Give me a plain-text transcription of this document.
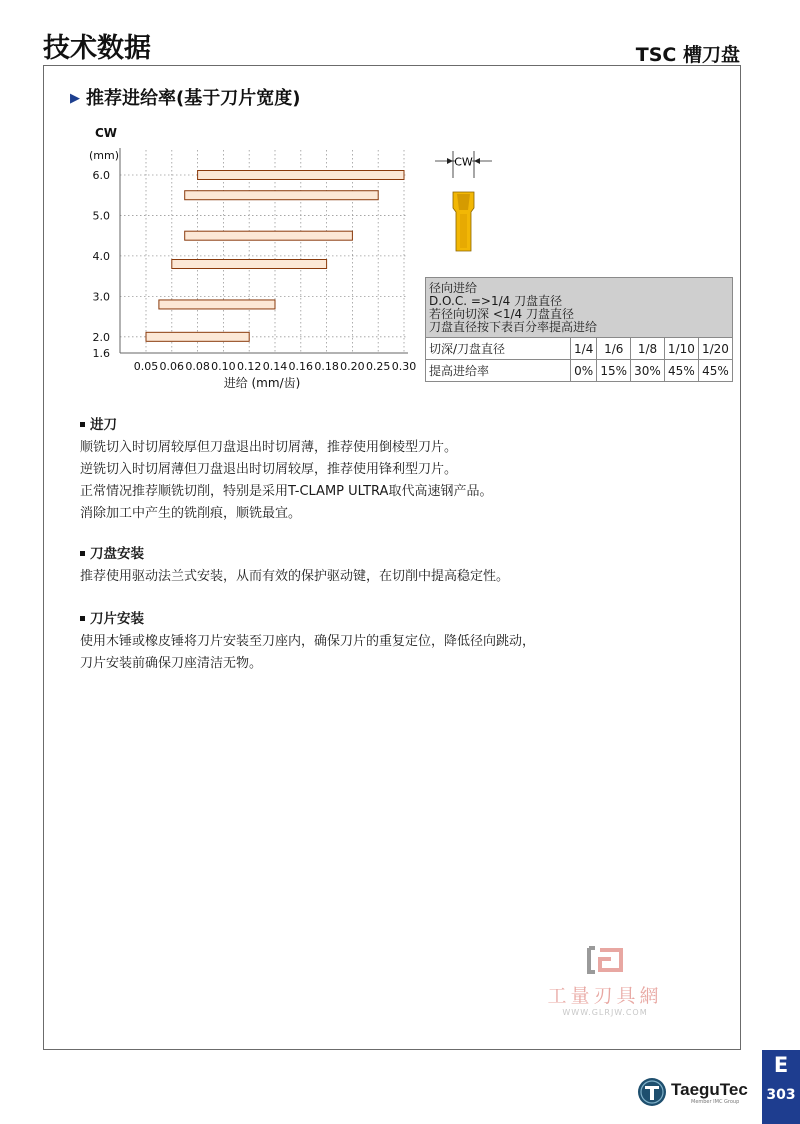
技术数据	TSC 槽刀盘
▶ 推荐进给率(基于刀片宽度)
CW
(mm)
1.6
2.0
3.0
4.0
5.0
6.0
0.05 0.06 0.08 0.10 0.12 0.14 0.16 0.18 0.20 0.25 0.30
进给 (mm/齿)
CW
径向进给
D.O.C. =>1/4 刀盘直径
若径向切深 <1/4 刀盘直径
刀盘直径按下表百分率提高进给					

切深/刀盘直径	1/4	1/6	1/8	1/10	1/20
提高进给率	0%	15%	30%	45%	45%
进刀

顺铣切入时切屑较厚但刀盘退出时切屑薄，推荐使用倒棱型刀片。

逆铣切入时切屑薄但刀盘退出时切屑较厚，推荐使用锋利型刀片。

正常情况推荐顺铣切削，特别是采用T-CLAMP ULTRA取代高速钢产品。

消除加工中产生的铣削痕，顺铣最宜。

刀盘安装

推荐使用驱动法兰式安装，从而有效的保护驱动键，在切削中提高稳定性。

刀片安装

使用木锤或橡皮锤将刀片安装至刀座内，确保刀片的重复定位，降低径向跳动，

刀片安装前确保刀座清洁无物。

工量刃具網
WWW.GLRJW.COM
TaeguTec
Member IMC Group
E
303
